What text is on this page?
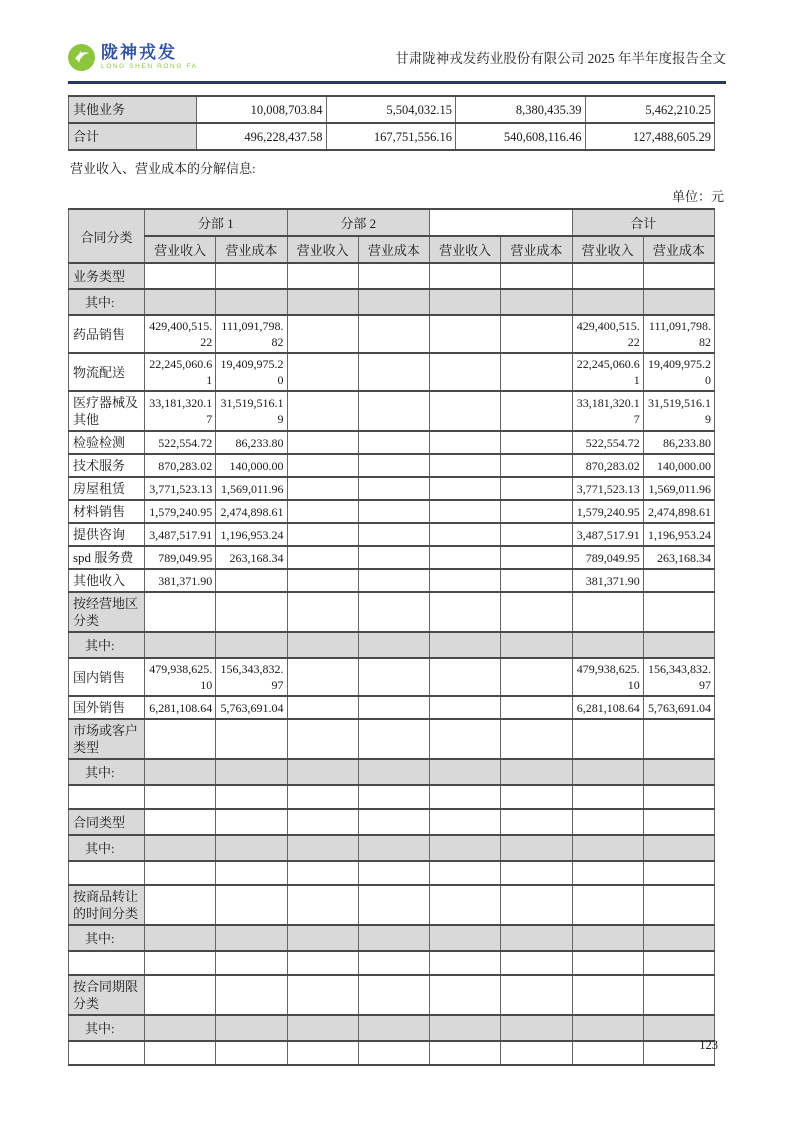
陇神戎发
LONG SHEN RONG FA
甘肃陇神戎发药业股份有限公司 2025 年半年度报告全文
其他业务	10,008,703.84	5,504,032.15	8,380,435.39	5,462,210.25
合计	496,228,437.58	167,751,556.16	540,608,116.46	127,488,605.29
营业收入、营业成本的分解信息:
单位：元
合同分类	分部 1		分部 2				合计	
	营业收入	营业成本	营业收入	营业成本	营业收入	营业成本	营业收入	营业成本
业务类型								
其中:								
药品销售	429,400,515.22	111,091,798.82					429,400,515.22	111,091,798.82
物流配送	22,245,060.61	19,409,975.20					22,245,060.61	19,409,975.20
医疗器械及其他	33,181,320.17	31,519,516.19					33,181,320.17	31,519,516.19
检验检测	522,554.72	86,233.80					522,554.72	86,233.80
技术服务	870,283.02	140,000.00					870,283.02	140,000.00
房屋租赁	3,771,523.13	1,569,011.96					3,771,523.13	1,569,011.96
材料销售	1,579,240.95	2,474,898.61					1,579,240.95	2,474,898.61
提供咨询	3,487,517.91	1,196,953.24					3,487,517.91	1,196,953.24
spd 服务费	789,049.95	263,168.34					789,049.95	263,168.34
其他收入	381,371.90						381,371.90	
按经营地区分类								
其中:								
国内销售	479,938,625.10	156,343,832.97					479,938,625.10	156,343,832.97
国外销售	6,281,108.64	5,763,691.04					6,281,108.64	5,763,691.04
市场或客户类型								
其中:								

合同类型								
其中:								

按商品转让的时间分类								
其中:								

按合同期限分类								
其中:								

123
